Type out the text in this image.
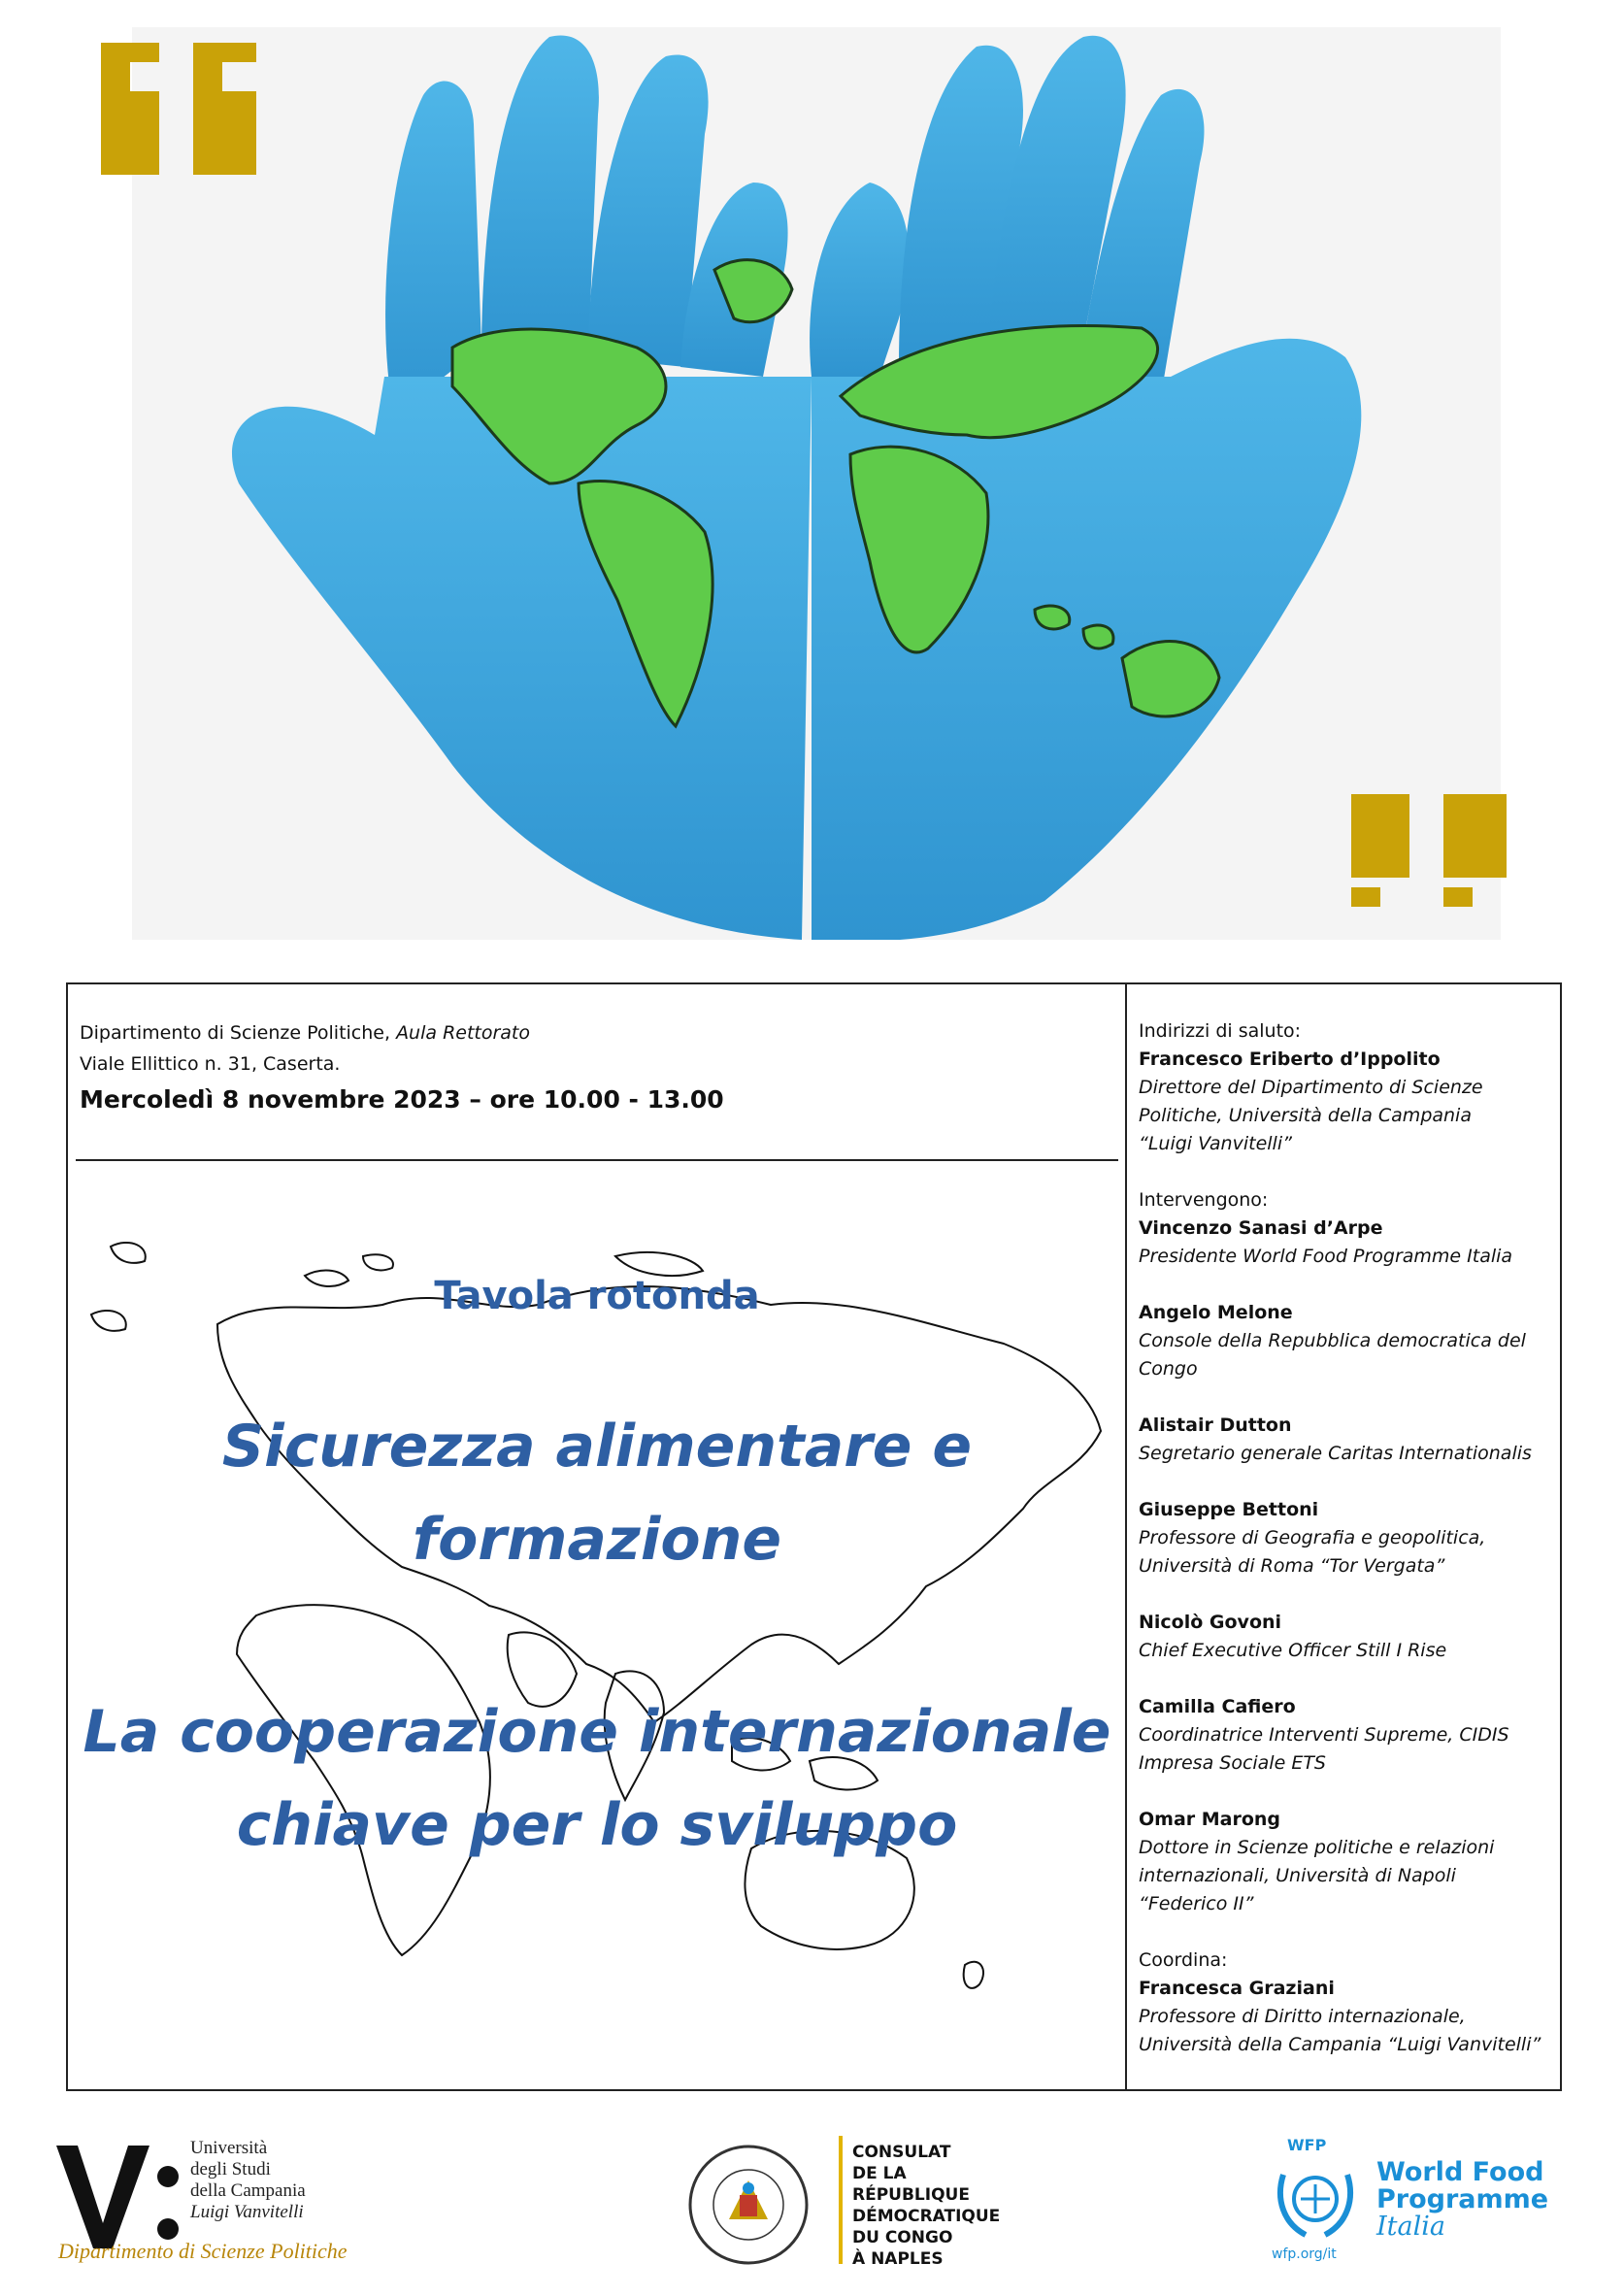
Dipartimento di Scienze Politiche, Aula Rettorato
Viale Ellittico n. 31, Caserta.
Mercoledì 8 novembre 2023 – ore 10.00 - 13.00
Tavola rotonda
Sicurezza alimentare e
formazione
La cooperazione internazionale
chiave per lo sviluppo
Indirizzi di saluto:
Francesco Eriberto d’Ippolito
Direttore del Dipartimento di Scienze
Politiche, Università della Campania
“Luigi Vanvitelli”
Intervengono:
Vincenzo Sanasi d’Arpe
Presidente World Food Programme Italia
Angelo Melone
Console della Repubblica democratica del
Congo
Alistair Dutton
Segretario generale Caritas Internationalis
Giuseppe Bettoni
Professore di Geografia e geopolitica,
Università di Roma “Tor Vergata”
Nicolò Govoni
Chief Executive Officer Still I Rise
Camilla Cafiero
Coordinatrice Interventi Supreme, CIDIS
Impresa Sociale ETS
Omar Marong
Dottore in Scienze politiche e relazioni
internazionali, Università di Napoli
“Federico II”
Coordina:
Francesca Graziani
Professore di Diritto internazionale,
Università della Campania “Luigi Vanvitelli”
Università
degli Studi
della Campania
Luigi Vanvitelli
Dipartimento di Scienze Politiche
CONSULAT
DE LA RÉPUBLIQUE
DÉMOCRATIQUE
DU CONGO
À NAPLES
WFP
wfp.org/it
World Food
Programme
Italia
